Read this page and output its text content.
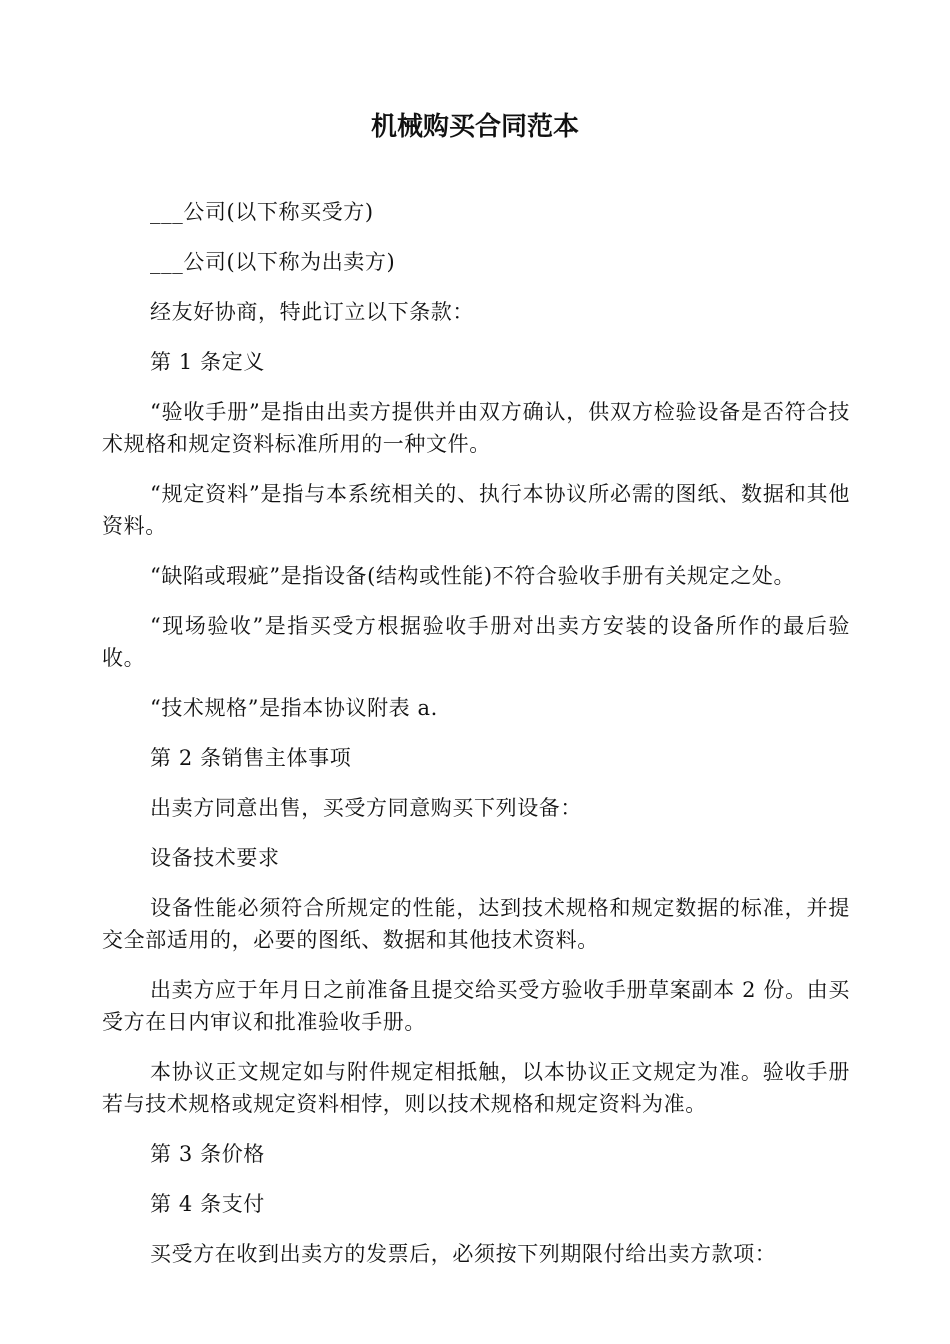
机械购买合同范本

___公司(以下称买受方)

___公司(以下称为出卖方)

经友好协商，特此订立以下条款：

第 1 条定义

“验收手册”是指由出卖方提供并由双方确认，供双方检验设备是否符合技术规格和规定资料标准所用的一种文件。

“规定资料”是指与本系统相关的、执行本协议所必需的图纸、数据和其他资料。

“缺陷或瑕疵”是指设备(结构或性能)不符合验收手册有关规定之处。

“现场验收”是指买受方根据验收手册对出卖方安装的设备所作的最后验收。

“技术规格”是指本协议附表 a.

第 2 条销售主体事项

出卖方同意出售，买受方同意购买下列设备：

设备技术要求

设备性能必须符合所规定的性能，达到技术规格和规定数据的标准，并提交全部适用的，必要的图纸、数据和其他技术资料。

出卖方应于年月日之前准备且提交给买受方验收手册草案副本 2 份。由买受方在日内审议和批准验收手册。

本协议正文规定如与附件规定相抵触，以本协议正文规定为准。验收手册若与技术规格或规定资料相悖，则以技术规格和规定资料为准。

第 3 条价格

第 4 条支付

买受方在收到出卖方的发票后，必须按下列期限付给出卖方款项：
